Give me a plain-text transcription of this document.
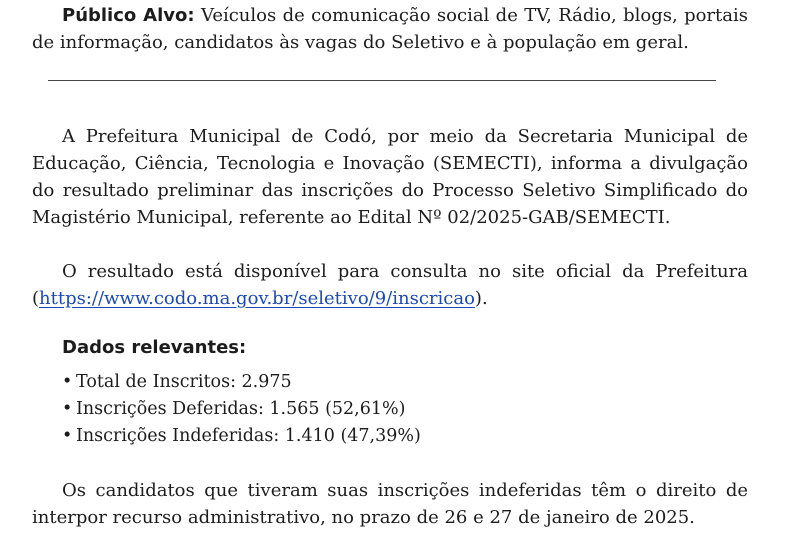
Público Alvo: Veículos de comunicação social de TV, Rádio, blogs, portais de informação, candidatos às vagas do Seletivo e à população em geral.

A Prefeitura Municipal de Codó, por meio da Secretaria Municipal de Educação, Ciência, Tecnologia e Inovação (SEMECTI), informa a divulgação do resultado preliminar das inscrições do Processo Seletivo Simplificado do Magistério Municipal, referente ao Edital Nº 02/2025-GAB/SEMECTI.

O resultado está disponível para consulta no site oficial da Prefeitura (https://www.codo.ma.gov.br/seletivo/9/inscricao).

Dados relevantes:
• Total de Inscritos: 2.975
• Inscrições Deferidas: 1.565 (52,61%)
• Inscrições Indeferidas: 1.410 (47,39%)

Os candidatos que tiveram suas inscrições indeferidas têm o direito de interpor recurso administrativo, no prazo de 26 e 27 de janeiro de 2025.
